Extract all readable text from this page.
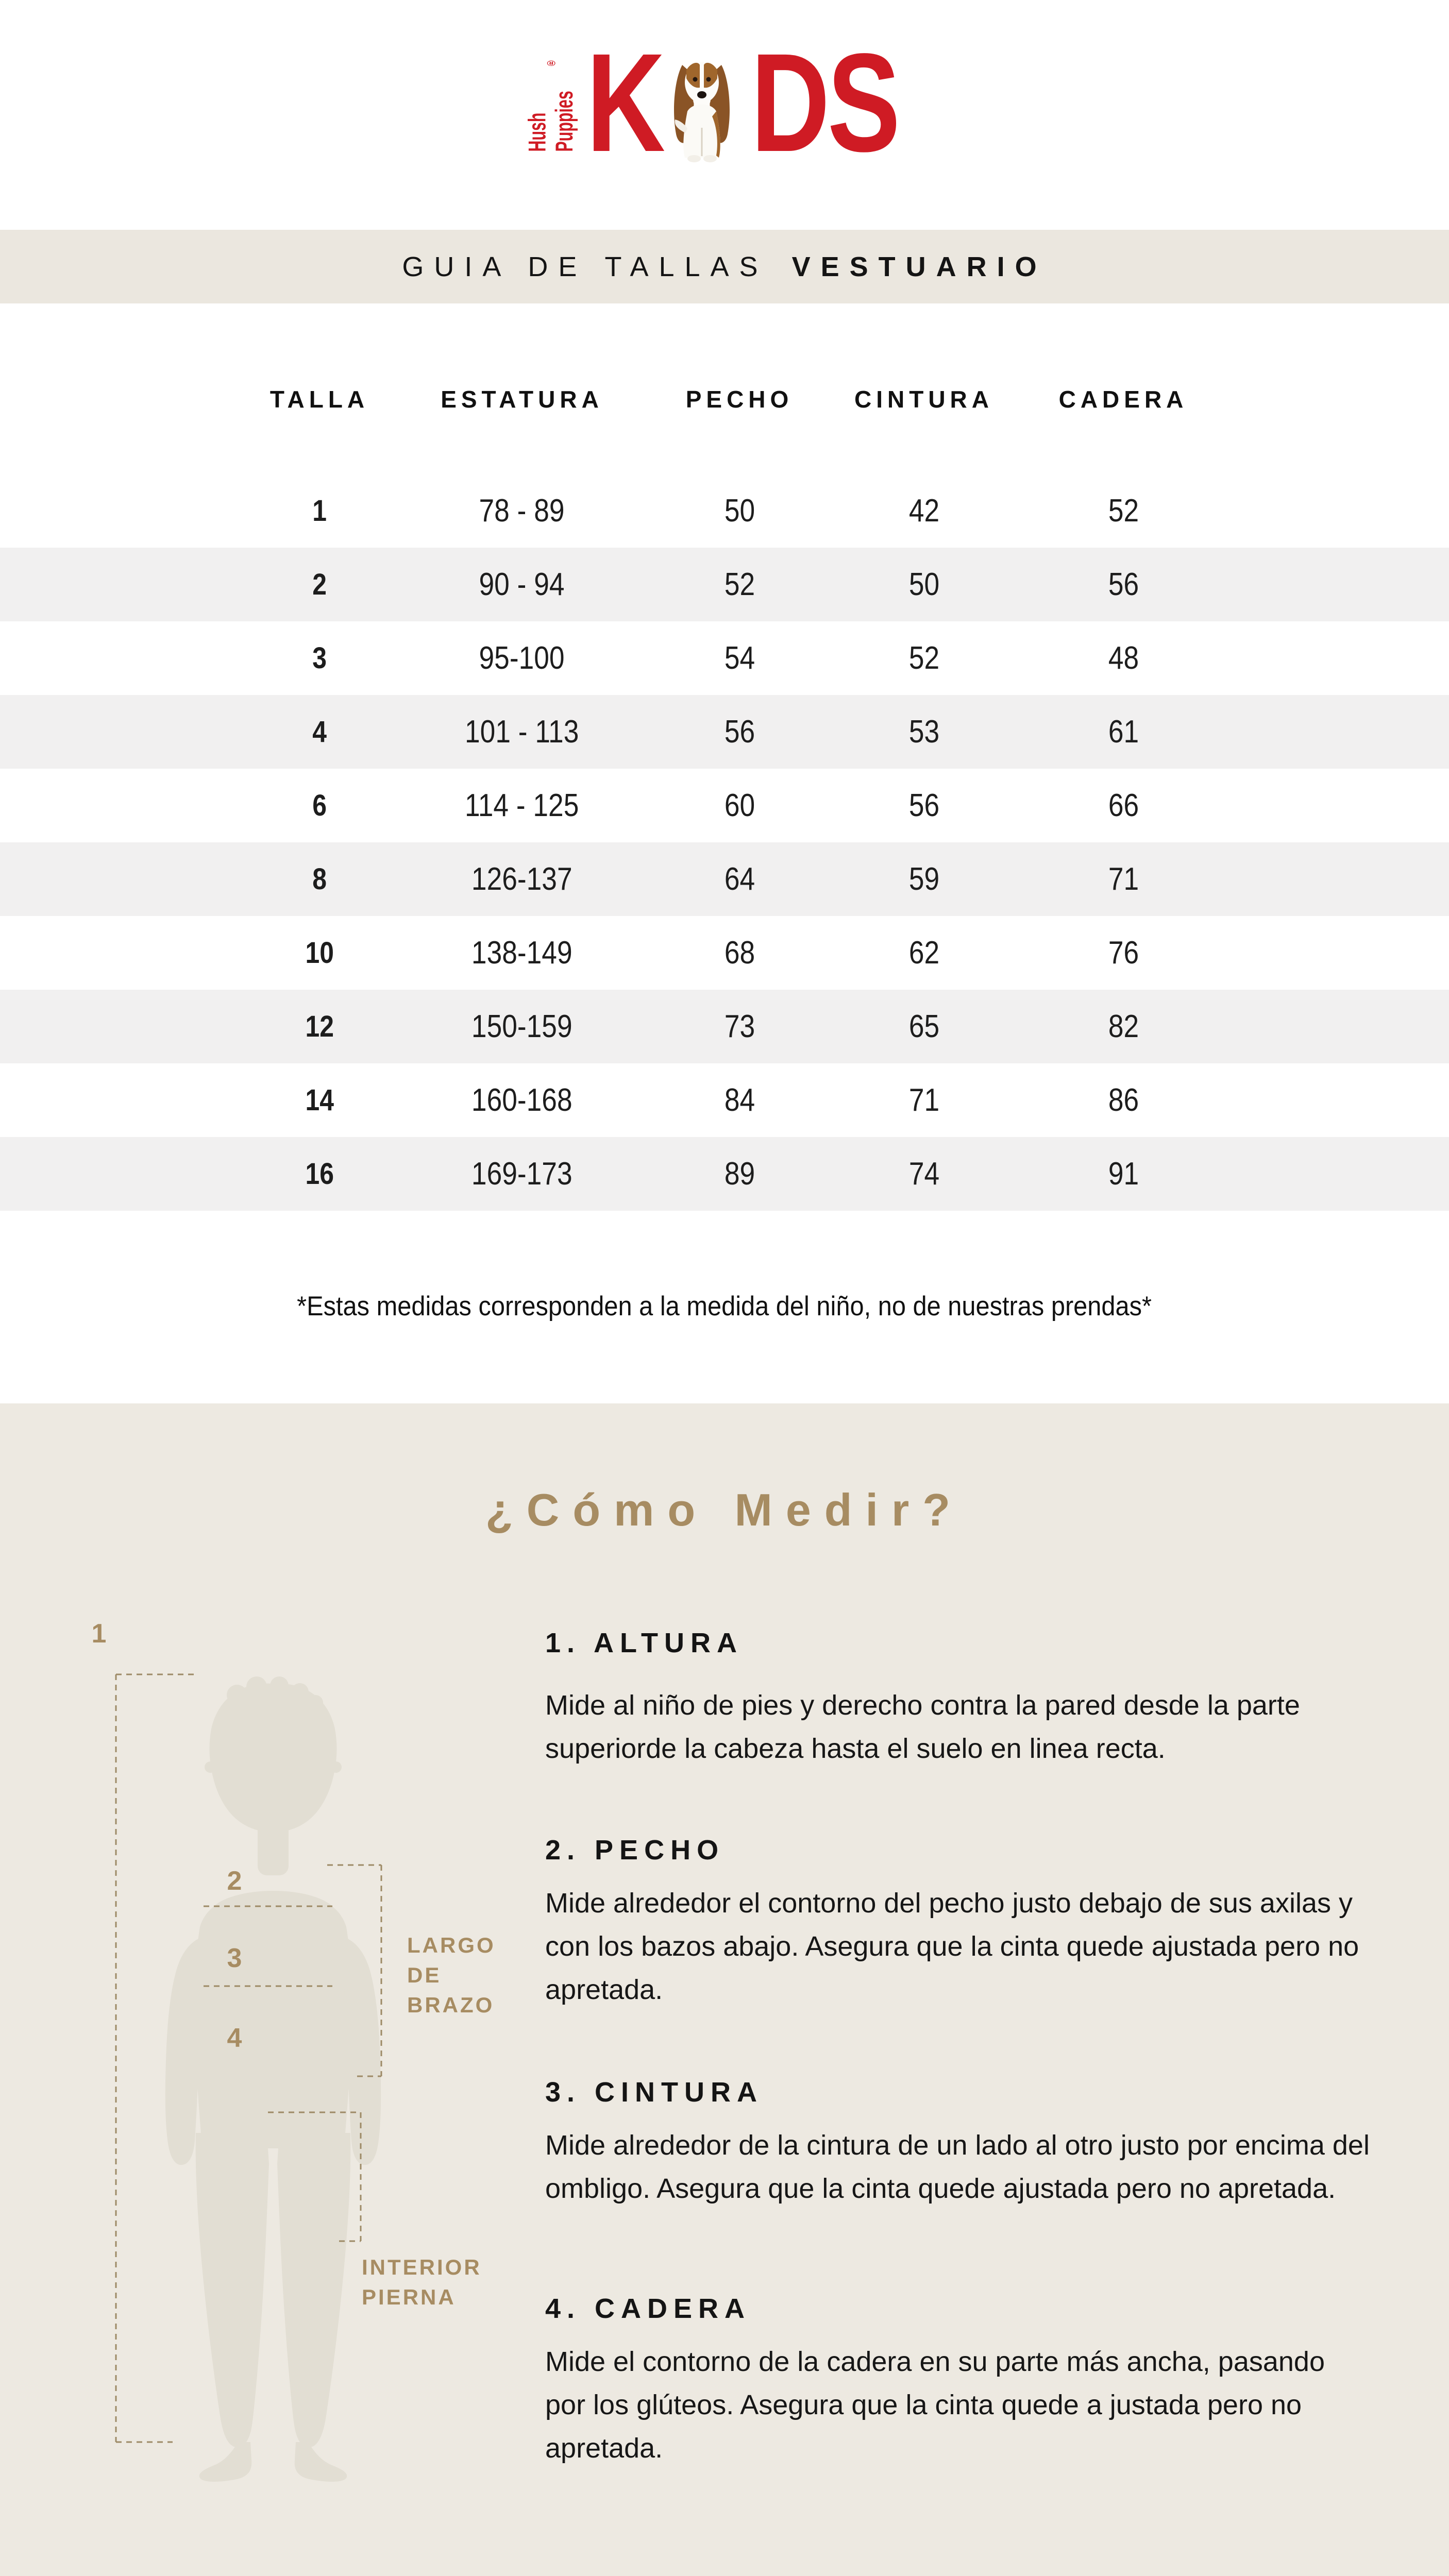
Hush Puppies
® K DS
GUIA DE TALLAS VESTUARIO
TALLA	ESTATURA	PECHO	CINTURA	CADERA
1	78 - 89	50	42	52
2	90 - 94	52	50	56
3	95-100	54	52	48
4	101 - 113	56	53	61
6	114 - 125	60	56	66
8	126-137	64	59	71
10	138-149	68	62	76
12	150-159	73	65	82
14	160-168	84	71	86
16	169-173	89	74	91

*Estas medidas corresponden a la medida del niño, no de nuestras prendas*

¿Cómo Medir?
1. ALTURA

Mide al niño de pies y derecho contra la pared desde la parte superiorde la cabeza hasta el suelo en linea recta.

2. PECHO

Mide alrededor el contorno del pecho justo debajo de sus axilas y con los bazos abajo. Asegura que la cinta quede ajustada pero no apretada.

3. CINTURA

Mide alrededor de la cintura de un lado al otro justo por encima del ombligo. Asegura que la cinta quede ajustada pero no apretada.

4. CADERA

Mide el contorno de la cadera en su parte más ancha, pasando por los glúteos. Asegura que la cinta quede a justada pero no apretada.

1
2
3
4
LARGO
DE
BRAZO
INTERIOR
PIERNA
